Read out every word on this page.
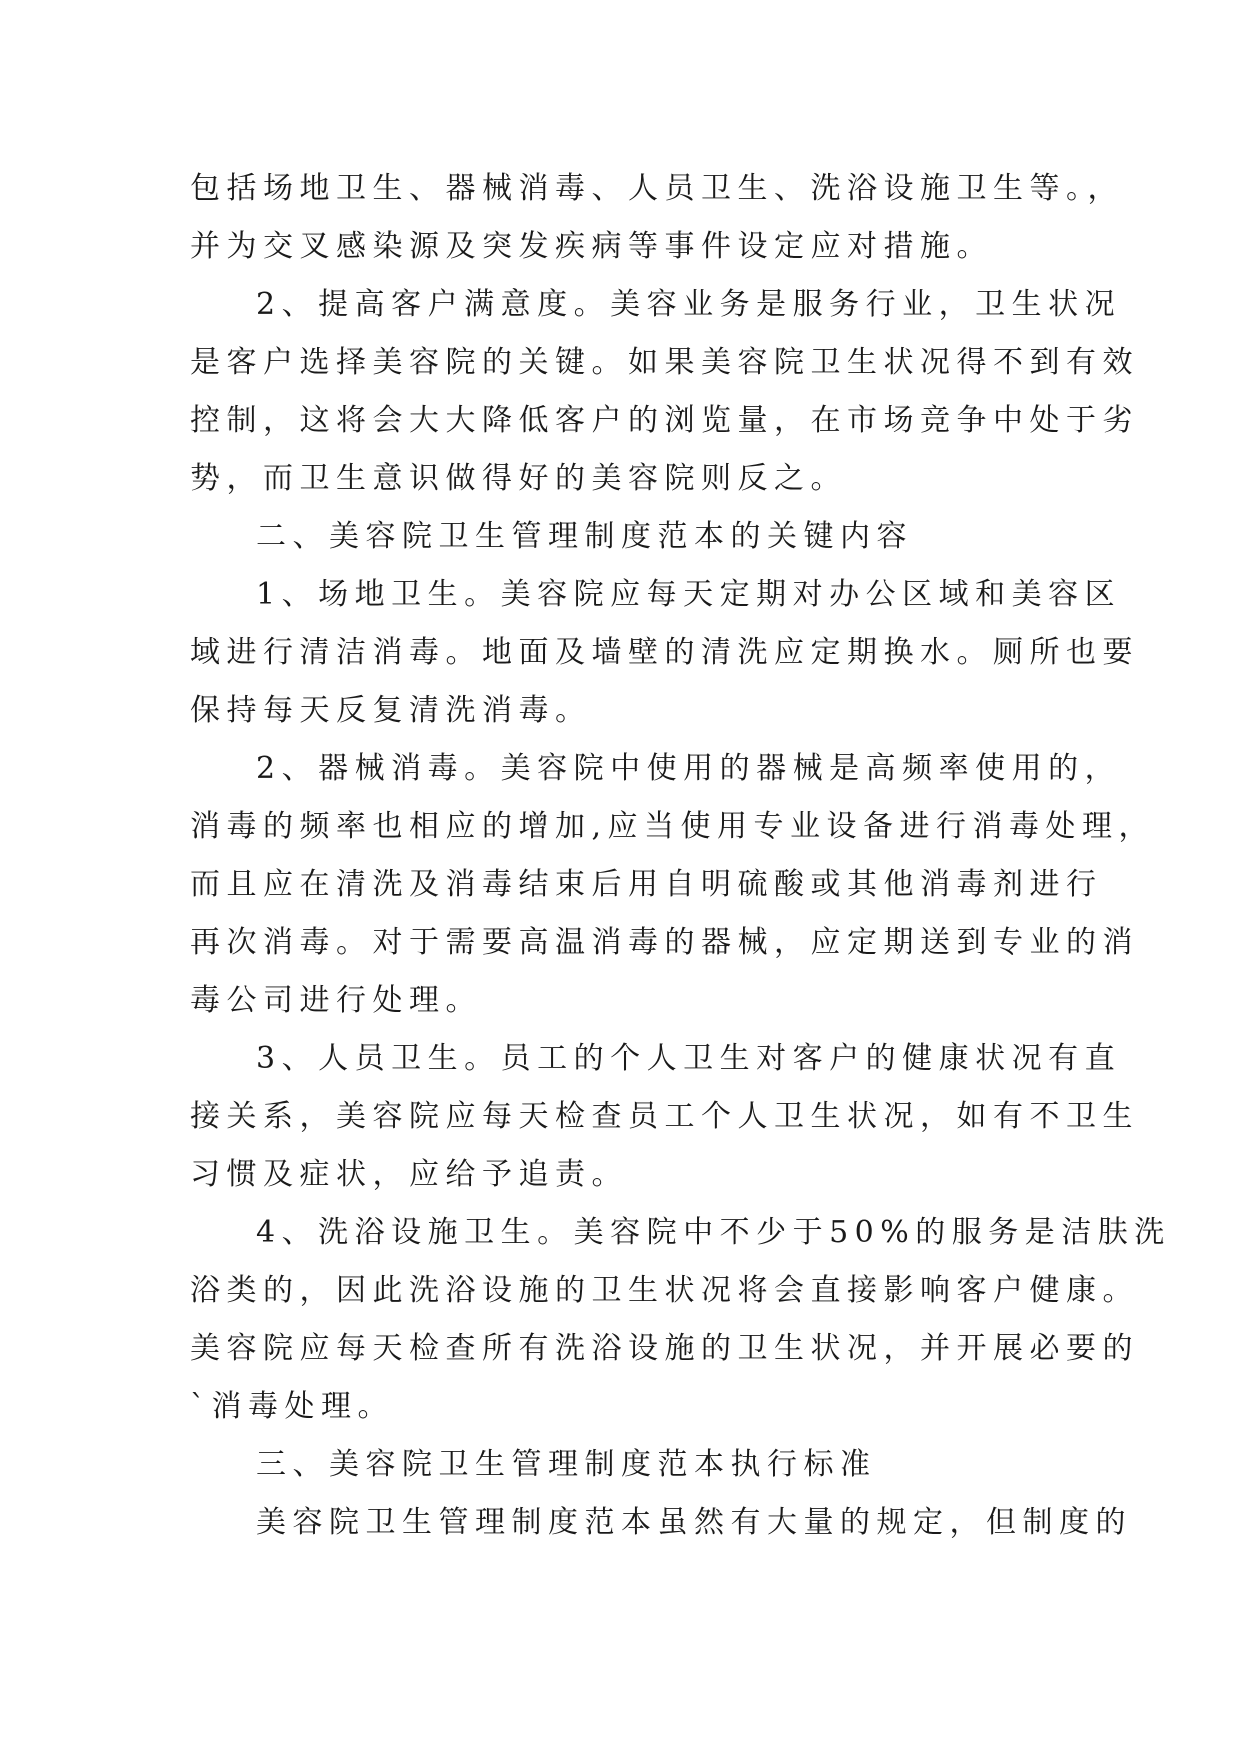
包括场地卫生、器械消毒、人员卫生、洗浴设施卫生等。，
并为交叉感染源及突发疾病等事件设定应对措施。
2、提高客户满意度。美容业务是服务行业，卫生状况
是客户选择美容院的关键。如果美容院卫生状况得不到有效
控制，这将会大大降低客户的浏览量，在市场竞争中处于劣
势，而卫生意识做得好的美容院则反之。
二、美容院卫生管理制度范本的关键内容
1、场地卫生。美容院应每天定期对办公区域和美容区
域进行清洁消毒。地面及墙壁的清洗应定期换水。厕所也要
保持每天反复清洗消毒。
2、器械消毒。美容院中使用的器械是高频率使用的，
消毒的频率也相应的增加,应当使用专业设备进行消毒处理，
而且应在清洗及消毒结束后用自明硫酸或其他消毒剂进行
再次消毒。对于需要高温消毒的器械，应定期送到专业的消
毒公司进行处理。
3、人员卫生。员工的个人卫生对客户的健康状况有直
接关系，美容院应每天检查员工个人卫生状况，如有不卫生
习惯及症状，应给予追责。
4、洗浴设施卫生。美容院中不少于50%的服务是洁肤洗
浴类的，因此洗浴设施的卫生状况将会直接影响客户健康。
美容院应每天检查所有洗浴设施的卫生状况，并开展必要的
`消毒处理。
三、美容院卫生管理制度范本执行标准
美容院卫生管理制度范本虽然有大量的规定，但制度的
